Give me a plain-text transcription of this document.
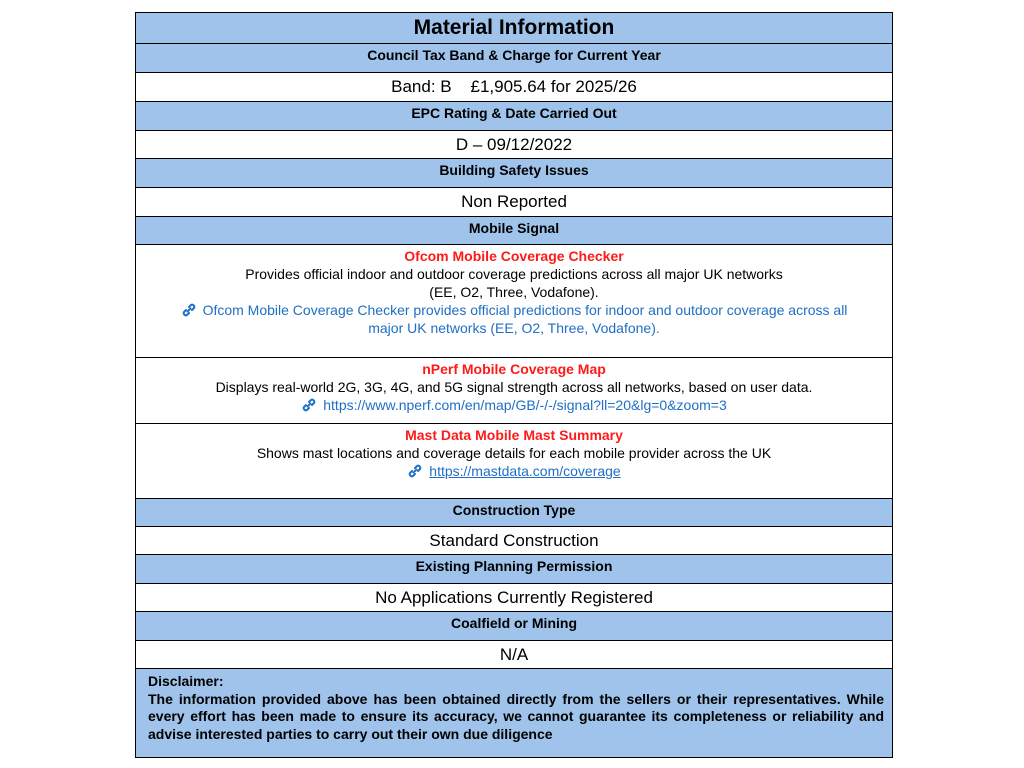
Material Information
Council Tax Band & Charge for Current Year
Band: B    £1,905.64 for 2025/26
EPC Rating & Date Carried Out
D – 09/12/2022
Building Safety Issues
Non Reported
Mobile Signal
Ofcom Mobile Coverage Checker
Provides official indoor and outdoor coverage predictions across all major UK networks
(EE, O2, Three, Vodafone).
Ofcom Mobile Coverage Checker provides official predictions for indoor and outdoor coverage across all
major UK networks (EE, O2, Three, Vodafone).
nPerf Mobile Coverage Map
Displays real-world 2G, 3G, 4G, and 5G signal strength across all networks, based on user data.
https://www.nperf.com/en/map/GB/-/-/signal?ll=20&lg=0&zoom=3
Mast Data Mobile Mast Summary
Shows mast locations and coverage details for each mobile provider across the UK
https://mastdata.com/coverage
Construction Type
Standard Construction
Existing Planning Permission
No Applications Currently Registered
Coalfield or Mining
N/A
Disclaimer:
The information provided above has been obtained directly from the sellers or their representatives. While every effort has been made to ensure its accuracy, we cannot guarantee its completeness or reliability and advise interested parties to carry out their own due diligence
